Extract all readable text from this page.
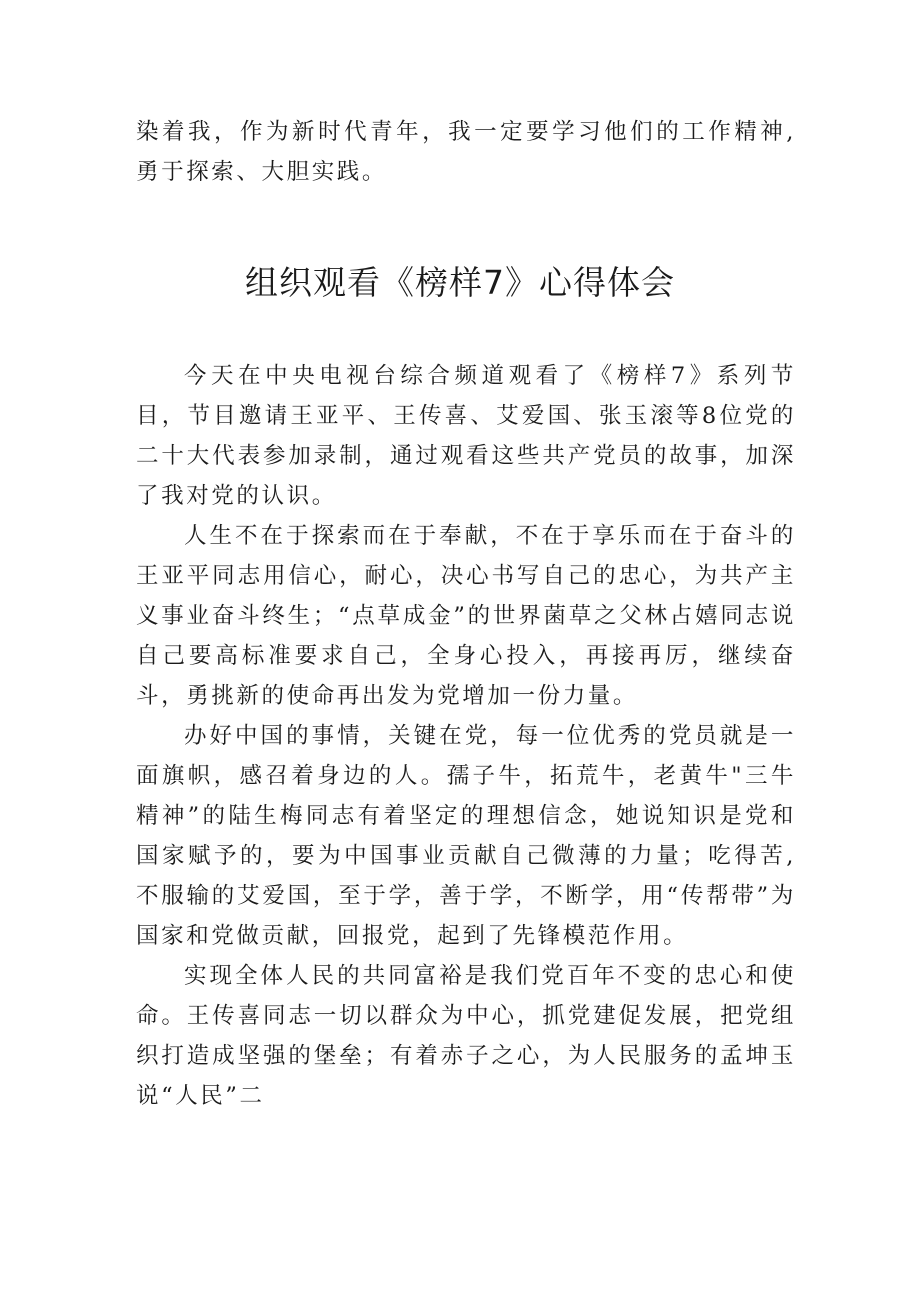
染着我，作为新时代青年，我一定要学习他们的工作精神,勇于探索、大胆实践。

组织观看《榜样7》心得体会

今天在中央电视台综合频道观看了《榜样7》系列节目，节目邀请王亚平、王传喜、艾爱国、张玉滚等8位党的二十大代表参加录制，通过观看这些共产党员的故事，加深了我对党的认识。

人生不在于探索而在于奉献，不在于享乐而在于奋斗的王亚平同志用信心，耐心，决心书写自己的忠心，为共产主义事业奋斗终生；“点草成金”的世界菌草之父林占嬉同志说自己要高标准要求自己，全身心投入，再接再厉，继续奋斗，勇挑新的使命再出发为党增加一份力量。

办好中国的事情，关键在党，每一位优秀的党员就是一面旗帜，感召着身边的人。孺子牛，拓荒牛，老黄牛"三牛精神”的陆生梅同志有着坚定的理想信念，她说知识是党和国家赋予的，要为中国事业贡献自己微薄的力量；吃得苦,不服输的艾爱国，至于学，善于学，不断学，用“传帮带”为国家和党做贡献，回报党，起到了先锋模范作用。

实现全体人民的共同富裕是我们党百年不变的忠心和使命。王传喜同志一切以群众为中心，抓党建促发展，把党组织打造成坚强的堡垒；有着赤子之心，为人民服务的孟坤玉说“人民”二
